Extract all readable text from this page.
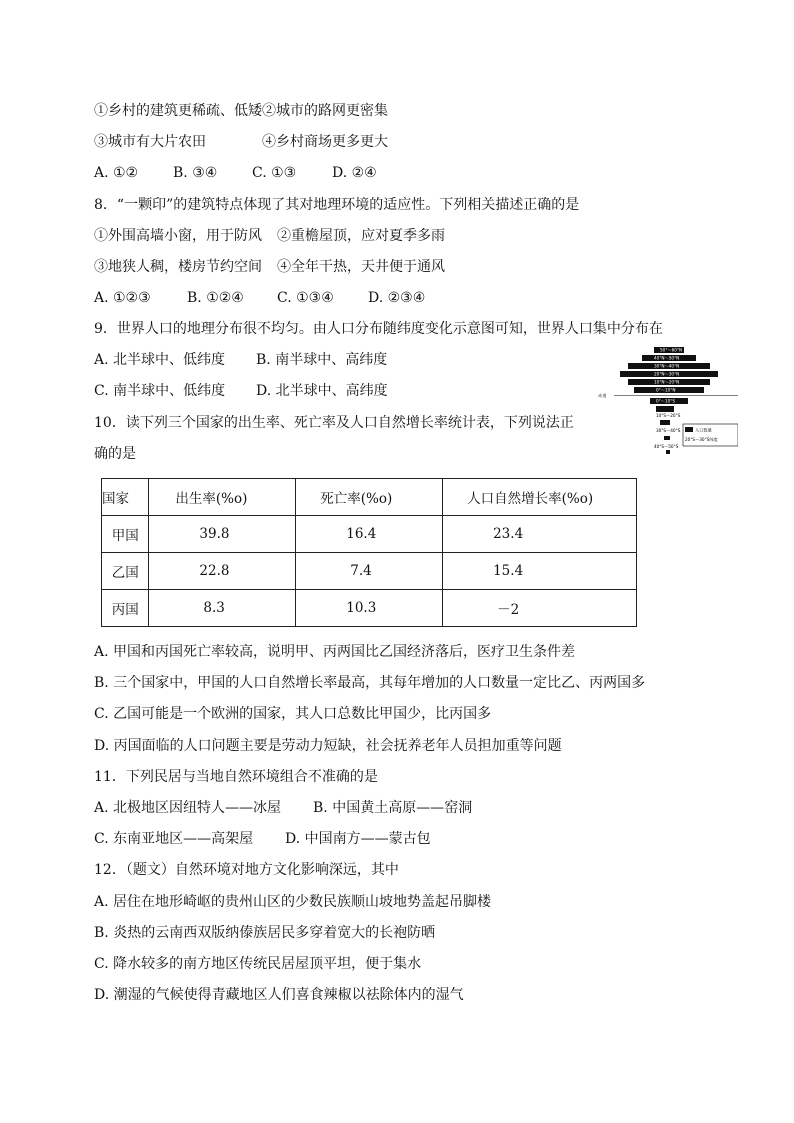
①乡村的建筑更稀疏、低矮②城市的路网更密集
③城市有大片农田	④乡村商场更多更大
A. ①② B. ③④ C. ①③	D. ②④
8．“一颗印”的建筑特点体现了其对地理环境的适应性。下列相关描述正确的是
①外围高墙小窗，用于防风 ②重檐屋顶，应对夏季多雨
③地狭人稠，楼房节约空间 ④全年干热，天井便于通风
A. ①②③	B. ①②④ C. ①③④ D. ②③④
9．世界人口的地理分布很不均匀。由人口分布随纬度变化示意图可知，世界人口集中分布在
A. 北半球中、低纬度 B. 南半球中、高纬度
C. 南半球中、低纬度 D. 北半球中、高纬度
10．读下列三个国家的出生率、死亡率及人口自然增长率统计表，下列说法正
确的是
50°～60°N
40°N～50°N
30°N～40°N
20°N～30°N
10°N～20°N
0°～10°N
赤道
0°～10°S
10°S～20°S
30°S～40°S
40°S～50°S
人口数量
20°S～30°S纬度
国家	出生率(%o)	死亡率(%o)	人口自然增长率(%o)
甲国	39.8	16.4	23.4
乙国	22.8	7.4	15.4
丙国	8.3	10.3	－2
A. 甲国和丙国死亡率较高，说明甲、丙两国比乙国经济落后，医疗卫生条件差
B. 三个国家中，甲国的人口自然增长率最高，其每年增加的人口数量一定比乙、丙两国多
C. 乙国可能是一个欧洲的国家，其人口总数比甲国少，比丙国多
D. 丙国面临的人口问题主要是劳动力短缺，社会抚养老年人员担加重等问题
11．下列民居与当地自然环境组合不准确的是
A. 北极地区因纽特人——冰屋 B. 中国黄土高原——窑洞
C. 东南亚地区——高架屋 D. 中国南方——蒙古包
12．（题文）自然环境对地方文化影响深远，其中
A. 居住在地形崎岖的贵州山区的少数民族顺山坡地势盖起吊脚楼
B. 炎热的云南西双版纳傣族居民多穿着宽大的长袍防晒
C. 降水较多的南方地区传统民居屋顶平坦，便于集水
D. 潮湿的气候使得青藏地区人们喜食辣椒以祛除体内的湿气
